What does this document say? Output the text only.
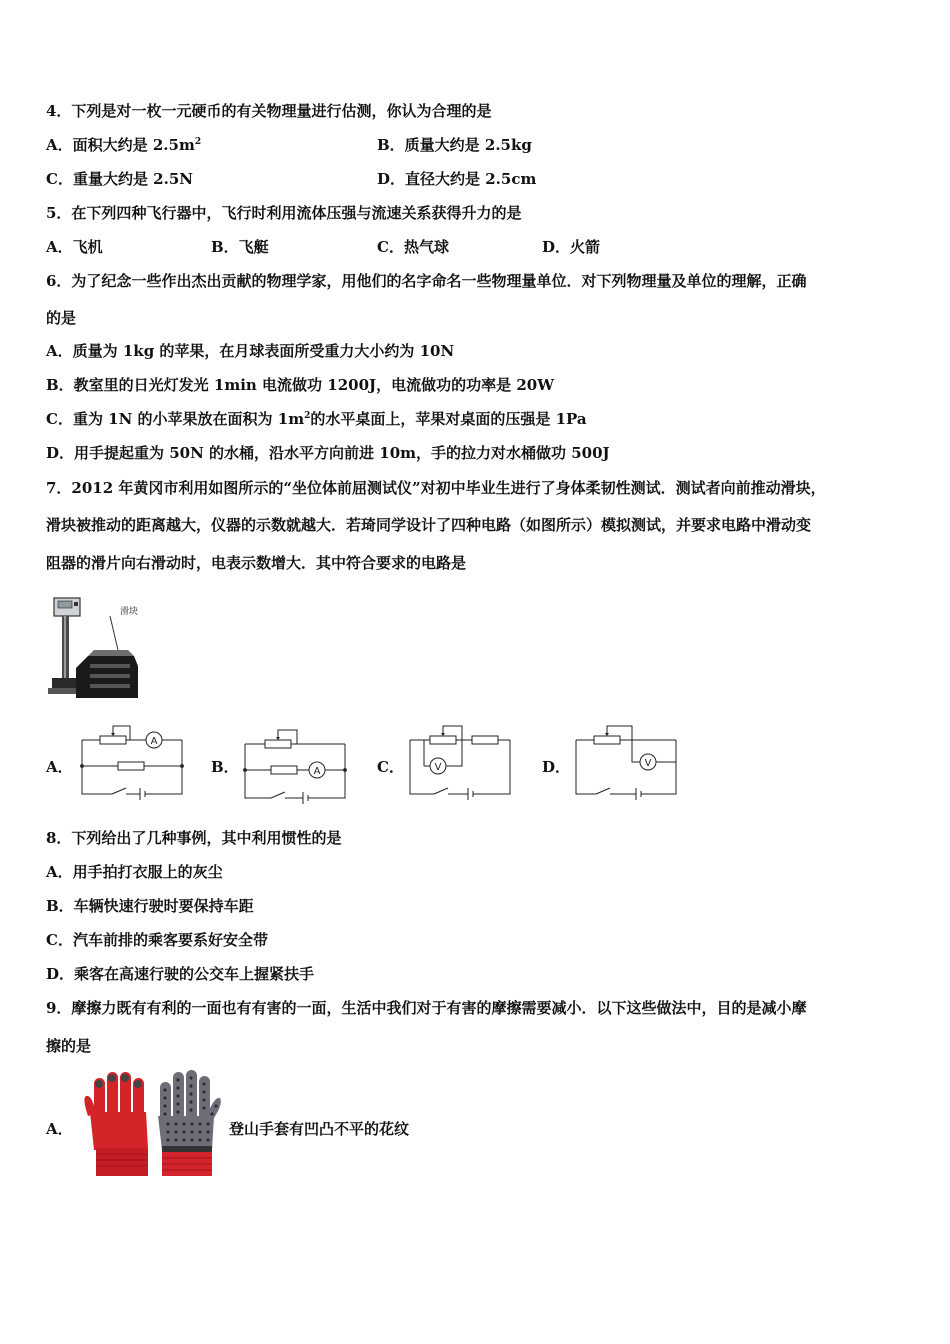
4．下列是对一枚一元硬币的有关物理量进行估测，你认为合理的是
A．面积大约是 $2.5m^2$	B．质量大约是 2.5kg
C．重量大约是 2.5N	D．直径大约是 2.5cm
5．在下列四种飞行器中，飞行时利用流体压强与流速关系获得升力的是
A．飞机	B．飞艇	C．热气球	D．火箭
6．为了纪念一些作出杰出贡献的物理学家，用他们的名字命名一些物理量单位．对下列物理量及单位的理解，正确
的是
A．质量为 1kg 的苹果，在月球表面所受重力大小约为 10N
B．教室里的日光灯发光 1min 电流做功 1200J，电流做功的功率是 20W
C．重为 1N 的小苹果放在面积为 $1m^2$的水平桌面上，苹果对桌面的压强是 1Pa
D．用手提起重为 50N 的水桶，沿水平方向前进 10m，手的拉力对水桶做功 500J
7．2012 年黄冈市利用如图所示的“坐位体前屈测试仪”对初中毕业生进行了身体柔韧性测试．测试者向前推动滑块，
滑块被推动的距离越大，仪器的示数就越大．若琦同学设计了四种电路（如图所示）模拟测试，并要求电路中滑动变
阻器的滑片向右滑动时，电表示数增大．其中符合要求的电路是
滑块
A．	B．	C．	D．
A
A	V	V
8．下列给出了几种事例，其中利用惯性的是
A．用手拍打衣服上的灰尘
B．车辆快速行驶时要保持车距
C．汽车前排的乘客要系好安全带
D．乘客在高速行驶的公交车上握紧扶手
9．摩擦力既有有利的一面也有有害的一面，生活中我们对于有害的摩擦需要减小．以下这些做法中，目的是减小摩
擦的是
A．	登山手套有凹凸不平的花纹
